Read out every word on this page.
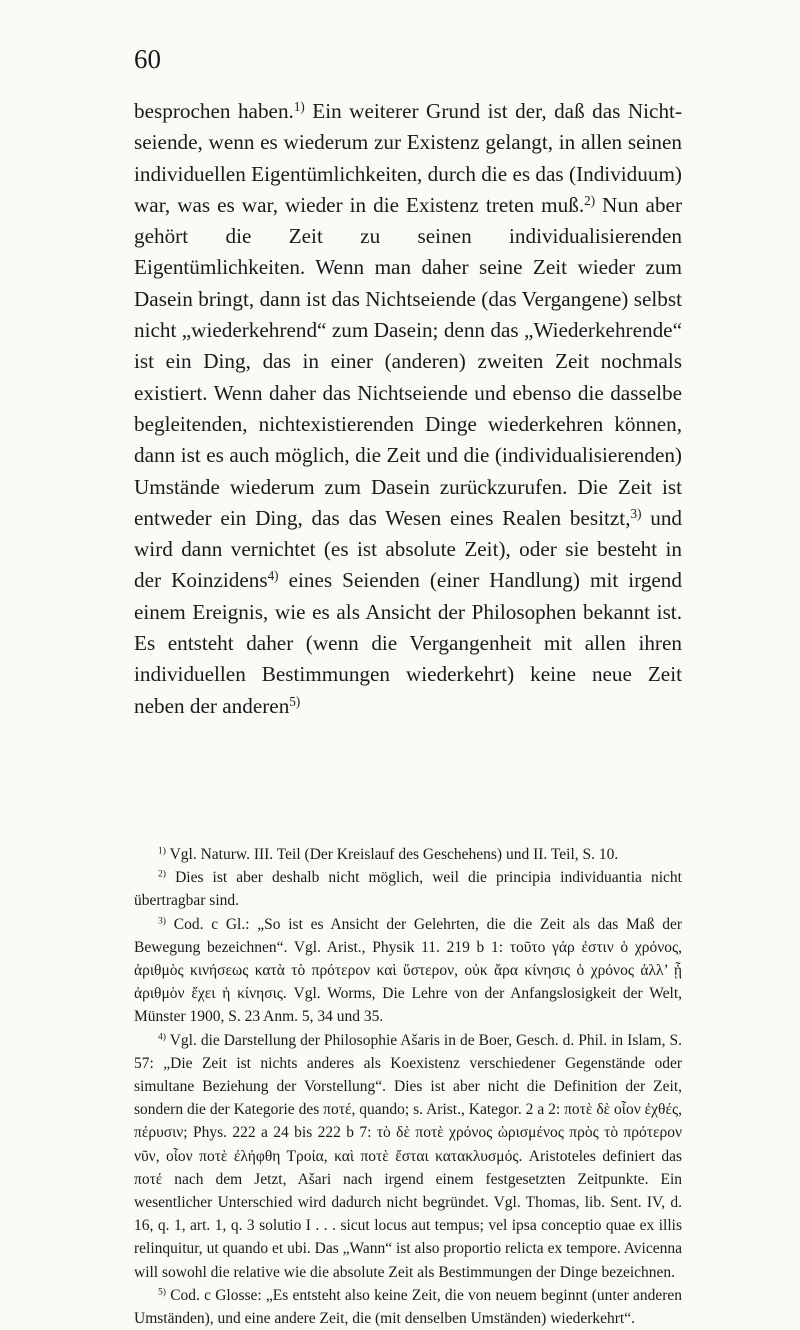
60

besprochen haben.$^{1)}$ Ein weiterer Grund ist der, daß das Nichtseiende, wenn es wiederum zur Existenz gelangt, in allen seinen individuellen Eigentümlichkeiten, durch die es das (Individuum) war, was es war, wieder in die Existenz treten muß.$^{2)}$ Nun aber gehört die Zeit zu seinen individualisierenden Eigentümlichkeiten. Wenn man daher seine Zeit wieder zum Dasein bringt, dann ist das Nichtseiende (das Vergangene) selbst nicht „wiederkehrend“ zum Dasein; denn das „Wiederkehrende“ ist ein Ding, das in einer (anderen) zweiten Zeit nochmals existiert. Wenn daher das Nichtseiende und ebenso die dasselbe begleitenden, nichtexistierenden Dinge wiederkehren können, dann ist es auch möglich, die Zeit und die (individualisierenden) Umstände wiederum zum Dasein zurückzurufen. Die Zeit ist entweder ein Ding, das das Wesen eines Realen besitzt,$^{3)}$ und wird dann vernichtet (es ist absolute Zeit), oder sie besteht in der Koinzidens$^{4)}$ eines Seienden (einer Handlung) mit irgend einem Ereignis, wie es als Ansicht der Philosophen bekannt ist. Es entsteht daher (wenn die Vergangenheit mit allen ihren individuellen Bestimmungen wiederkehrt) keine neue Zeit neben der anderen$^{5)}$

$^{1)}$ Vgl. Naturw. III. Teil (Der Kreislauf des Geschehens) und II. Teil, S. 10.

$^{2)}$ Dies ist aber deshalb nicht möglich, weil die principia individuantia nicht übertragbar sind.

$^{3)}$ Cod. c Gl.: „So ist es Ansicht der Gelehrten, die die Zeit als das Maß der Bewegung bezeichnen“. Vgl. Arist., Physik 11. 219 b 1: τοῦτο γάρ ἐστιν ὁ χρόνος, ἀριθμὸς κινήσεως κατὰ τὸ πρότερον καὶ ὕστερον, οὐκ ἄρα κίνησις ὁ χρόνος ἀλλ’ ᾗ ἀριθμὸν ἔχει ἡ κίνησις. Vgl. Worms, Die Lehre von der Anfangslosigkeit der Welt, Münster 1900, S. 23 Anm. 5, 34 und 35.

$^{4)}$ Vgl. die Darstellung der Philosophie Ašaris in de Boer, Gesch. d. Phil. in Islam, S. 57: „Die Zeit ist nichts anderes als Koexistenz verschiedener Gegenstände oder simultane Beziehung der Vorstellung“. Dies ist aber nicht die Definition der Zeit, sondern die der Kategorie des ποτέ, quando; s. Arist., Kategor. 2 a 2: ποτὲ δὲ οἷον ἐχθές, πέρυσιν; Phys. 222 a 24 bis 222 b 7: τὸ δὲ ποτὲ χρόνος ὡρισμένος πρὸς τὸ πρότερον νῦν, οἷον ποτὲ ἐλήφθη Τροία, καὶ ποτὲ ἔσται κατακλυσμός. Aristoteles definiert das ποτέ nach dem Jetzt, Ašari nach irgend einem festgesetzten Zeitpunkte. Ein wesentlicher Unterschied wird dadurch nicht begründet. Vgl. Thomas, lib. Sent. IV, d. 16, q. 1, art. 1, q. 3 solutio I . . . sicut locus aut tempus; vel ipsa conceptio quae ex illis relinquitur, ut quando et ubi. Das „Wann“ ist also proportio relicta ex tempore. Avicenna will sowohl die relative wie die absolute Zeit als Bestimmungen der Dinge bezeichnen.

$^{5)}$ Cod. c Glosse: „Es entsteht also keine Zeit, die von neuem beginnt (unter anderen Umständen), und eine andere Zeit, die (mit denselben Umständen) wiederkehrt“.
